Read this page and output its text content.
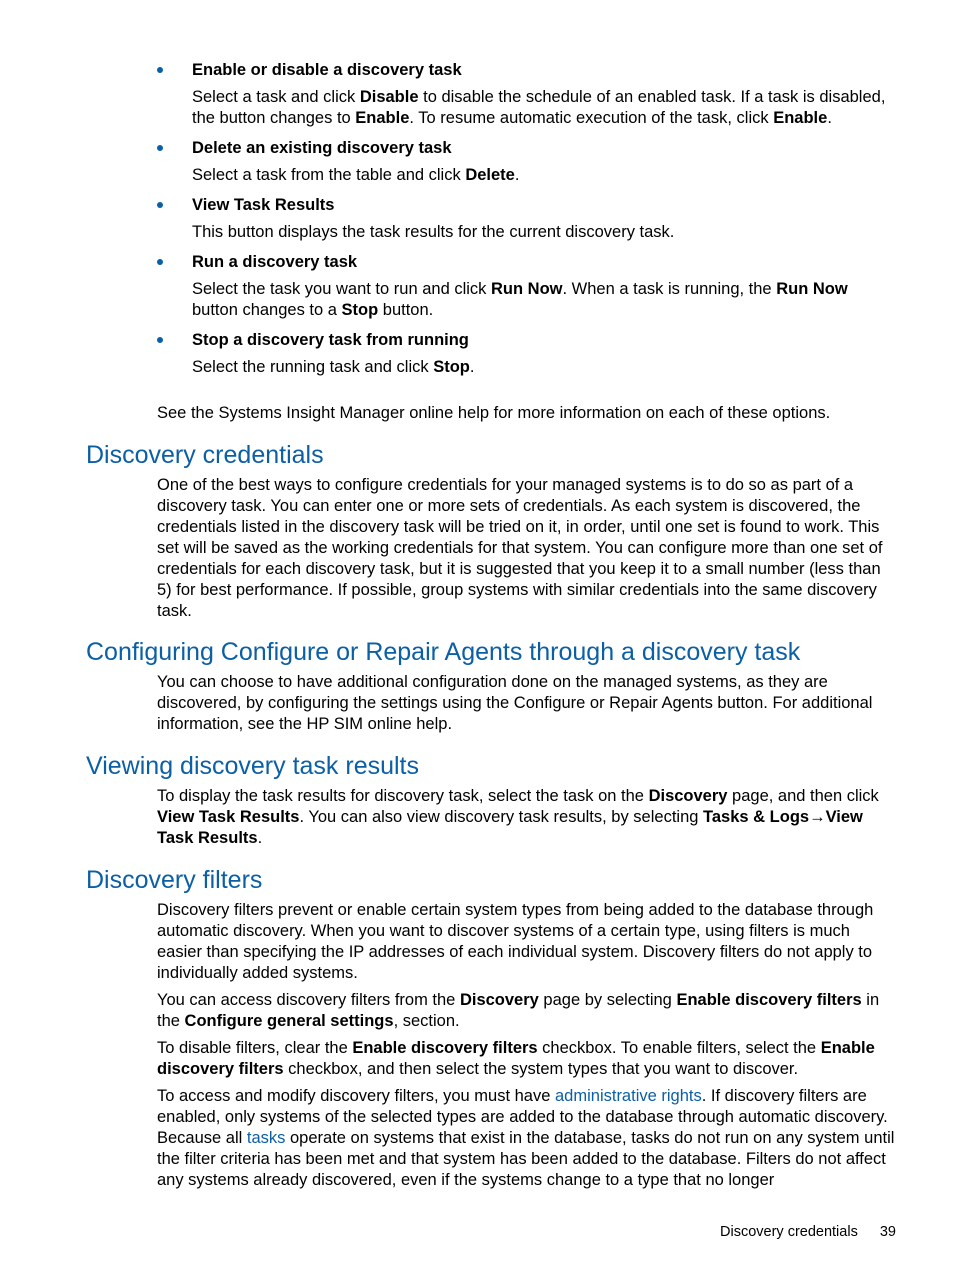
Enable or disable a discovery task
Select a task and click Disable to disable the schedule of an enabled task. If a task is disabled, the button changes to Enable. To resume automatic execution of the task, click Enable.
Delete an existing discovery task
Select a task from the table and click Delete.
View Task Results
This button displays the task results for the current discovery task.
Run a discovery task
Select the task you want to run and click Run Now. When a task is running, the Run Now button changes to a Stop button.
Stop a discovery task from running
Select the running task and click Stop.

See the Systems Insight Manager online help for more information on each of these options.

Discovery credentials

One of the best ways to configure credentials for your managed systems is to do so as part of a discovery task. You can enter one or more sets of credentials. As each system is discovered, the credentials listed in the discovery task will be tried on it, in order, until one set is found to work. This set will be saved as the working credentials for that system. You can configure more than one set of credentials for each discovery task, but it is suggested that you keep it to a small number (less than 5) for best performance. If possible, group systems with similar credentials into the same discovery task.

Configuring Configure or Repair Agents through a discovery task

You can choose to have additional configuration done on the managed systems, as they are discovered, by configuring the settings using the Configure or Repair Agents button. For additional information, see the HP SIM online help.

Viewing discovery task results

To display the task results for discovery task, select the task on the Discovery page, and then click View Task Results. You can also view discovery task results, by selecting Tasks & Logs→View Task Results.

Discovery filters

Discovery filters prevent or enable certain system types from being added to the database through automatic discovery. When you want to discover systems of a certain type, using filters is much easier than specifying the IP addresses of each individual system. Discovery filters do not apply to individually added systems.

You can access discovery filters from the Discovery page by selecting Enable discovery filters in the Configure general settings, section.

To disable filters, clear the Enable discovery filters checkbox. To enable filters, select the Enable discovery filters checkbox, and then select the system types that you want to discover.

To access and modify discovery filters, you must have administrative rights. If discovery filters are enabled, only systems of the selected types are added to the database through automatic discovery. Because all tasks operate on systems that exist in the database, tasks do not run on any system until the filter criteria has been met and that system has been added to the database. Filters do not affect any systems already discovered, even if the systems change to a type that no longer

Discovery credentials 39
